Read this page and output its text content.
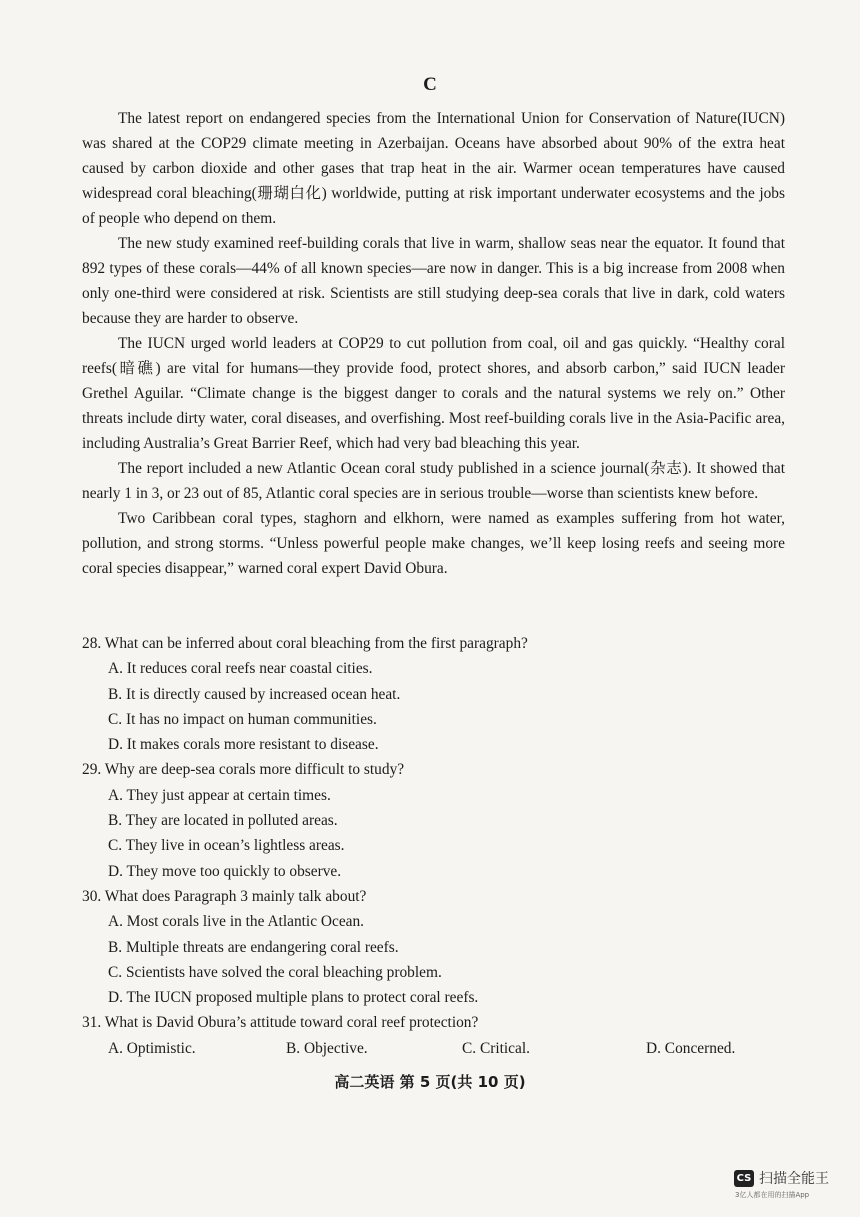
C

The latest report on endangered species from the International Union for Conservation of Nature(IUCN) was shared at the COP29 climate meeting in Azerbaijan. Oceans have absorbed about 90% of the extra heat caused by carbon dioxide and other gases that trap heat in the air. Warmer ocean temperatures have caused widespread coral bleaching(珊瑚白化) worldwide, putting at risk important underwater ecosystems and the jobs of people who depend on them.

The new study examined reef-building corals that live in warm, shallow seas near the equator. It found that 892 types of these corals—44% of all known species—are now in danger. This is a big increase from 2008 when only one-third were considered at risk. Scientists are still studying deep-sea corals that live in dark, cold waters because they are harder to observe.

The IUCN urged world leaders at COP29 to cut pollution from coal, oil and gas quickly. “Healthy coral reefs(暗礁) are vital for humans—they provide food, protect shores, and absorb carbon,” said IUCN leader Grethel Aguilar. “Climate change is the biggest danger to corals and the natural systems we rely on.” Other threats include dirty water, coral diseases, and overfishing. Most reef-building corals live in the Asia-Pacific area, including Australia’s Great Barrier Reef, which had very bad bleaching this year.

The report included a new Atlantic Ocean coral study published in a science journal(杂志). It showed that nearly 1 in 3, or 23 out of 85, Atlantic coral species are in serious trouble—worse than scientists knew before.

Two Caribbean coral types, staghorn and elkhorn, were named as examples suffering from hot water, pollution, and strong storms. “Unless powerful people make changes, we’ll keep losing reefs and seeing more coral species disappear,” warned coral expert David Obura.

28. What can be inferred about coral bleaching from the first paragraph?

A. It reduces coral reefs near coastal cities.

B. It is directly caused by increased ocean heat.

C. It has no impact on human communities.

D. It makes corals more resistant to disease.

29. Why are deep-sea corals more difficult to study?

A. They just appear at certain times.

B. They are located in polluted areas.

C. They live in ocean’s lightless areas.

D. They move too quickly to observe.

30. What does Paragraph 3 mainly talk about?

A. Most corals live in the Atlantic Ocean.

B. Multiple threats are endangering coral reefs.

C. Scientists have solved the coral bleaching problem.

D. The IUCN proposed multiple plans to protect coral reefs.

31. What is David Obura’s attitude toward coral reef protection?

A. Optimistic.	B. Objective.	C. Critical.	D. Concerned.
高二英语 第 5 页(共 10 页)
CS 扫描全能王
3亿人都在用的扫描App
